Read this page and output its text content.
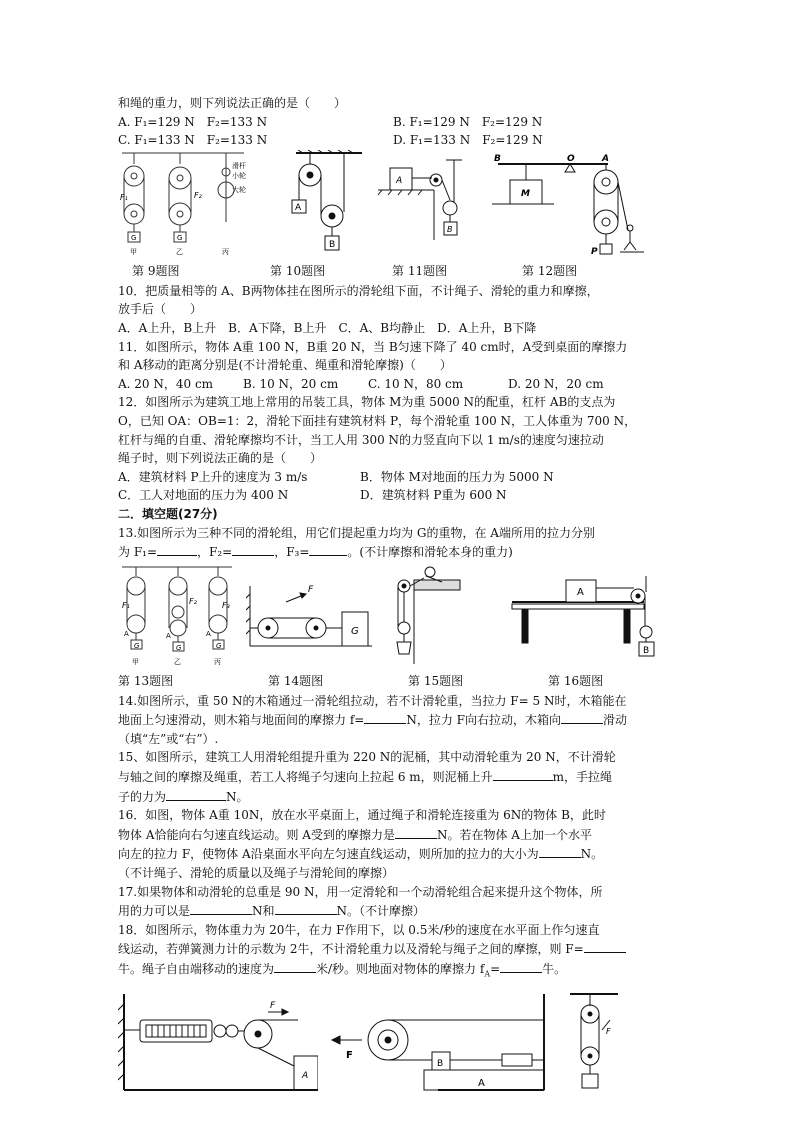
和绳的重力，则下列说法正确的是（　　）
A. F₁=129 N　F₂=133 N	B. F₁=129 N　F₂=129 N
C. F₁=133 N　F₂=133 N	D. F₁=133 N　F₂=129 N
F₁	F₂
G	G
甲	乙	丙
滑杆
小轮
大轮
A
B
A
B
B	O	A
M
P
第 9题图	第 10题图	第 11题图	第 12题图
10．把质量相等的 A、B两物体挂在图所示的滑轮组下面，不计绳子、滑轮的重力和摩擦，
放手后（　　）
A．A上升，B上升　B．A下降，B上升　C．A、B均静止　D．A上升，B下降
11．如图所示，物体 A重 100 N，B重 20 N，当 B匀速下降了 40 cm时，A受到桌面的摩擦力
和 A移动的距离分别是(不计滑轮重、绳重和滑轮摩擦)（　　）
A. 20 N，40 cm	B. 10 N，20 cm	C. 10 N，80 cm	D. 20 N，20 cm
12．如图所示为建筑工地上常用的吊装工具，物体 M为重 5000 N的配重，杠杆 AB的支点为
O，已知 OA：OB=1：2，滑轮下面挂有建筑材料 P，每个滑轮重 100 N，工人体重为 700 N，
杠杆与绳的自重、滑轮摩擦均不计，当工人用 300 N的力竖直向下以 1 m/s的速度匀速拉动
绳子时，则下列说法正确的是（　　）
A．建筑材料 P上升的速度为 3 m/s	B．物体 M对地面的压力为 5000 N
C．工人对地面的压力为 400 N	D．建筑材料 P重为 600 N
二．填空题(27分)
13.如图所示为三种不同的滑轮组，用它们提起重力均为 G的重物，在 A端所用的拉力分别
为 F₁=	，F₂=	，F₃=	。(不计摩擦和滑轮本身的重力)
F₁	F₂	F₃
A	A	A
G	G	G
甲	乙	丙
F
G
A
B
第 13题图	第 14题图	第 15题图	第 16题图
14.如图所示，重 50 N的木箱通过一滑轮组拉动，若不计滑轮重，当拉力 F= 5 N时，木箱能在
地面上匀速滑动，则木箱与地面间的摩擦力 f=	N，拉力 F向右拉动，木箱向	滑动
（填“左”或“右”）.
15、如图所示，建筑工人用滑轮组提升重为 220 N的泥桶，其中动滑轮重为 20 N，不计滑轮
与轴之间的摩擦及绳重，若工人将绳子匀速向上拉起 6 m，则泥桶上升	m，手拉绳
子的力为	N。
16．如图，物体 A重 10N，放在水平桌面上，通过绳子和滑轮连接重为 6N的物体 B，此时
物体 A恰能向右匀速直线运动。则 A受到的摩擦力是	N。若在物体 A上加一个水平
向左的拉力 F，使物体 A沿桌面水平向左匀速直线运动，则所加的拉力的大小为	N。
（不计绳子、滑轮的质量以及绳子与滑轮间的摩擦）
17.如果物体和动滑轮的总重是 90 N，用一定滑轮和一个动滑轮组合起来提升这个物体，所
用的力可以是	N和	N。（不计摩擦）
18．如图所示，物体重力为 20牛，在力 F作用下，以 0.5米/秒的速度在水平面上作匀速直
线运动，若弹簧测力计的示数为 2牛，不计滑轮重力以及滑轮与绳子之间的摩擦，则 F=
牛。绳子自由端移动的速度为	米/秒。则地面对物体的摩擦力 $f_A=$	牛。
F
A
F
B
A
F
